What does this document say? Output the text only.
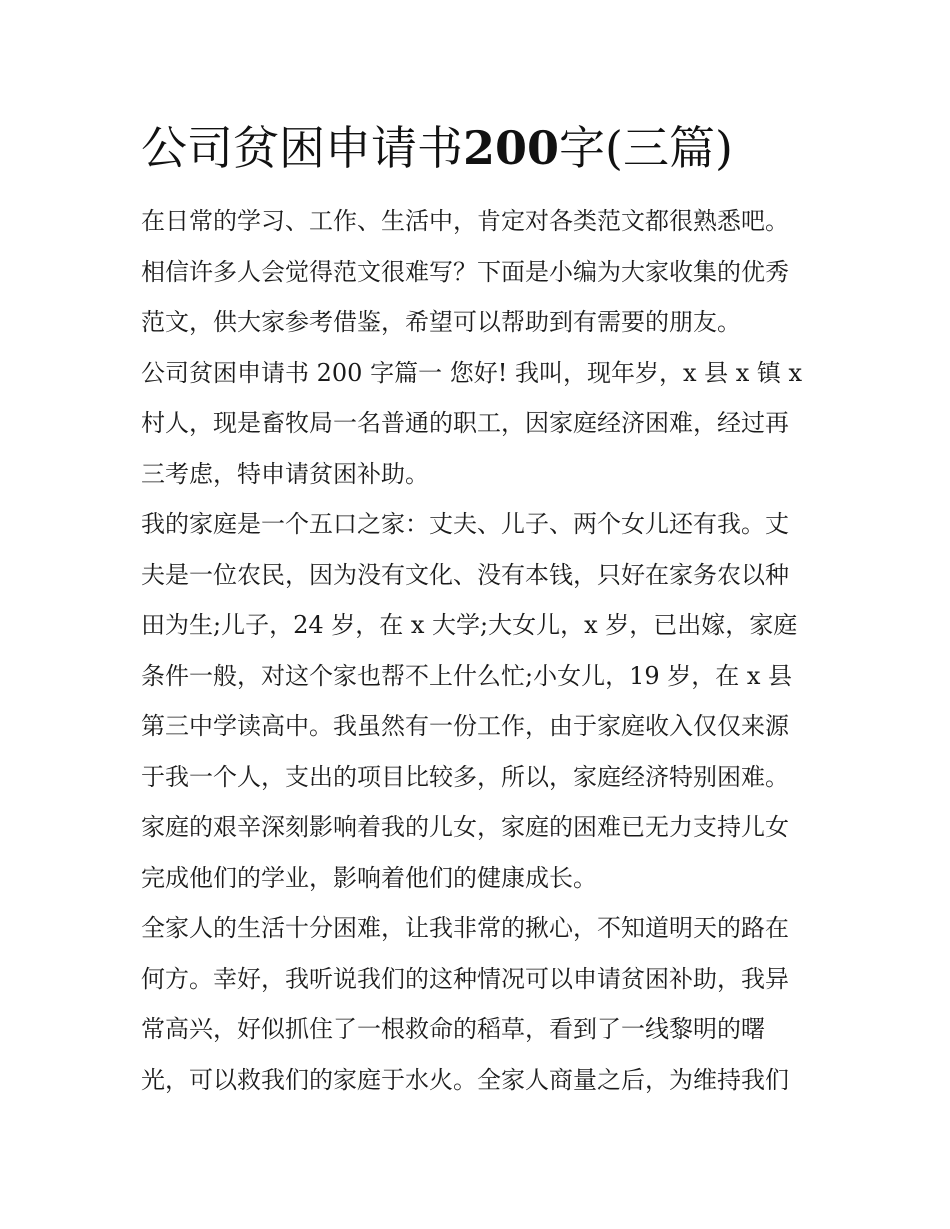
公司贫困申请书200字(三篇)

在日常的学习、工作、生活中，肯定对各类范文都很熟悉吧。
相信许多人会觉得范文很难写？下面是小编为大家收集的优秀
范文，供大家参考借鉴，希望可以帮助到有需要的朋友。

公司贫困申请书 200 字篇一 您好! 我叫，现年岁，x 县 x 镇 x
村人，现是畜牧局一名普通的职工，因家庭经济困难，经过再
三考虑，特申请贫困补助。

我的家庭是一个五口之家：丈夫、儿子、两个女儿还有我。丈
夫是一位农民，因为没有文化、没有本钱，只好在家务农以种
田为生;儿子，24 岁，在 x 大学;大女儿，x 岁，已出嫁，家庭
条件一般，对这个家也帮不上什么忙;小女儿，19 岁，在 x 县
第三中学读高中。我虽然有一份工作，由于家庭收入仅仅来源
于我一个人，支出的项目比较多，所以，家庭经济特别困难。
家庭的艰辛深刻影响着我的儿女，家庭的困难已无力支持儿女
完成他们的学业，影响着他们的健康成长。

全家人的生活十分困难，让我非常的揪心，不知道明天的路在
何方。幸好，我听说我们的这种情况可以申请贫困补助，我异
常高兴，好似抓住了一根救命的稻草，看到了一线黎明的曙
光，可以救我们的家庭于水火。全家人商量之后，为维持我们
